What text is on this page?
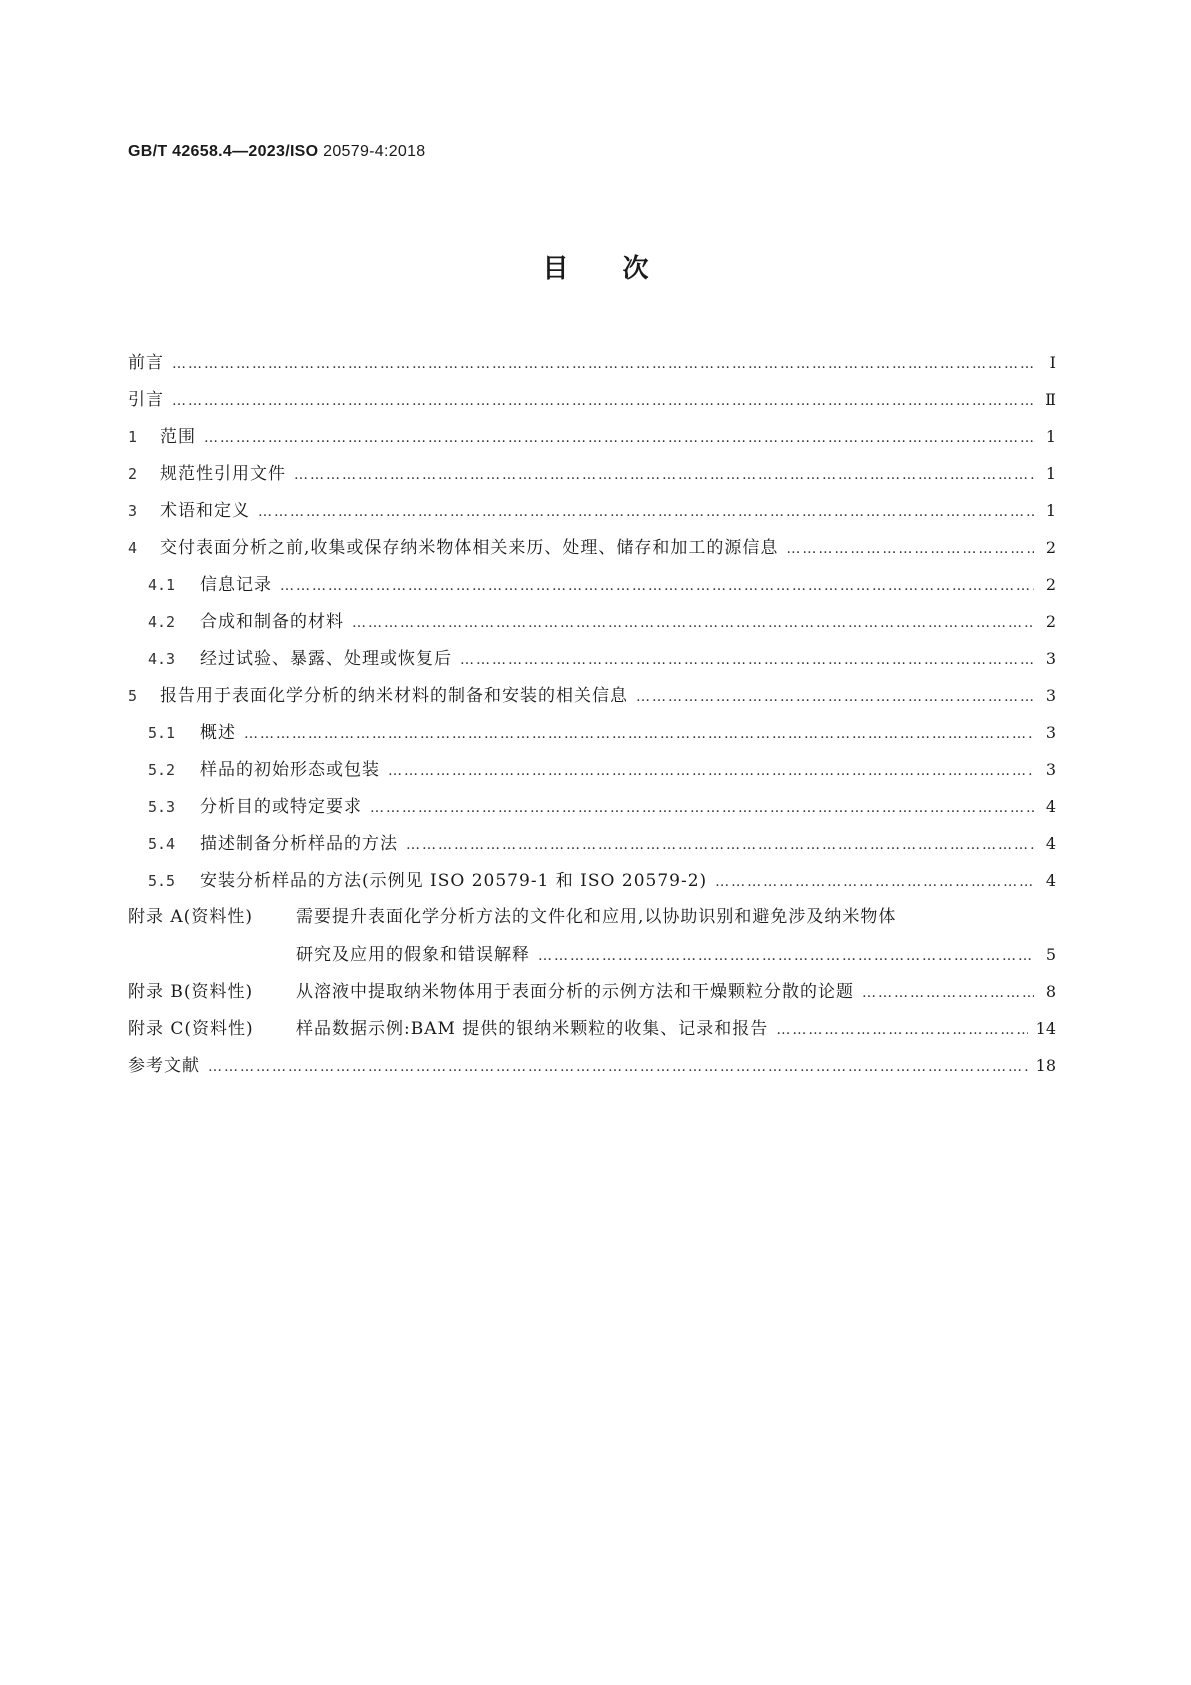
GB/T 42658.4—2023/ISO 20579-4:2018
目次
前言 …………………………………………………………………………………………………………………………………………………………………………………………	Ⅰ
引言 …………………………………………………………………………………………………………………………………………………………………………………………	Ⅱ
1	范围 …………………………………………………………………………………………………………………………………………………………………………………………	1
2	规范性引用文件 …………………………………………………………………………………………………………………………………………………………………………………………	1
3	术语和定义 …………………………………………………………………………………………………………………………………………………………………………………………	1
4	交付表面分析之前,收集或保存纳米物体相关来历、处理、储存和加工的源信息 …………………………………………………………………………………………………………………………………………………………………………………………	2
4.1	信息记录 …………………………………………………………………………………………………………………………………………………………………………………………	2
4.2	合成和制备的材料 …………………………………………………………………………………………………………………………………………………………………………………………	2
4.3	经过试验、暴露、处理或恢复后 …………………………………………………………………………………………………………………………………………………………………………………………	3
5	报告用于表面化学分析的纳米材料的制备和安装的相关信息 …………………………………………………………………………………………………………………………………………………………………………………………	3
5.1	概述 …………………………………………………………………………………………………………………………………………………………………………………………	3
5.2	样品的初始形态或包装 …………………………………………………………………………………………………………………………………………………………………………………………	3
5.3	分析目的或特定要求 …………………………………………………………………………………………………………………………………………………………………………………………	4
5.4	描述制备分析样品的方法 …………………………………………………………………………………………………………………………………………………………………………………………	4
5.5	安装分析样品的方法(示例见 ISO 20579-1 和 ISO 20579-2) …………………………………………………………………………………………………………………………………………………………………………………………	4
附录 A(资料性)	需要提升表面化学分析方法的文件化和应用,以协助识别和避免涉及纳米物体
研究及应用的假象和错误解释 …………………………………………………………………………………………………………………………………………………………………………………………	5
附录 B(资料性)	从溶液中提取纳米物体用于表面分析的示例方法和干燥颗粒分散的论题 …………………………………………………………………………………………………………………………………………………………………………………………	8
附录 C(资料性)	样品数据示例:BAM 提供的银纳米颗粒的收集、记录和报告 …………………………………………………………………………………………………………………………………………………………………………………………	14
参考文献 …………………………………………………………………………………………………………………………………………………………………………………………	18
